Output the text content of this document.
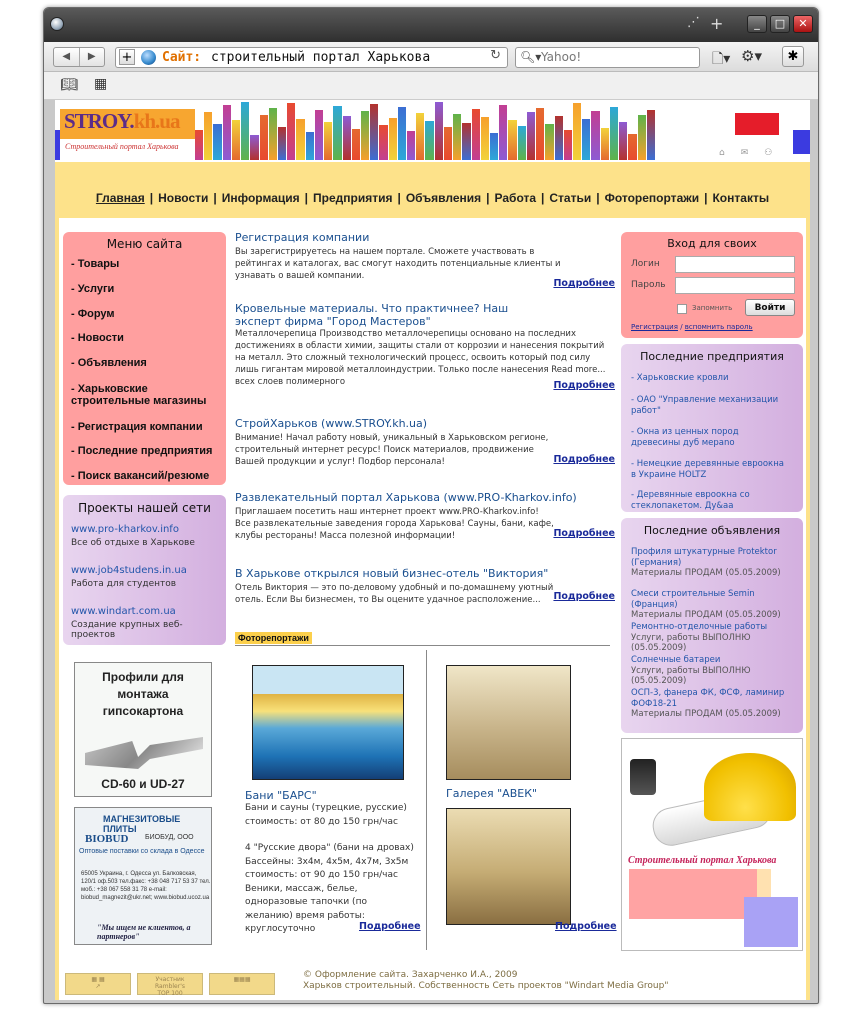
⋰ +	_	□	✕
◀	▶	+ Сайт: строительный портал Харькова	↻ 🔍︎▾ Yahoo!	🗋▾ ⚙▾	✱
📖︎ ▦
STROY.kh.ua
Строительный портал Харькова
⌂ ✉ ⚇
Главная | Новости | Информация | Предприятия | Объявления | Работа | Статьи | Фоторепортажи | Контакты
Меню сайта
- Товары
- Услуги
- Форум
- Новости
- Объявления
- Харьковские строительные магазины
- Регистрация компании
- Последние предприятия
- Поиск вакансий/резюме
Проекты нашей сети
www.pro-kharkov.info
Все об отдыхе в Харькове
www.job4studens.in.ua
Работа для студентов
www.windart.com.ua
Создание крупных веб-проектов
Профили для
монтажа
гипсокартона
CD-60 и UD-27
МАГНЕЗИТОВЫЕ ПЛИТЫ
BIOBUD БИОБУД, ООО
Оптовые поставки со склада в Одессе
65005 Украина, г. Одесса ул. Балковская, 120/1 оф.503 тел.факс: +38 048 717 53 37 тел. моб.: +38 067 558 31 78 e-mail: biobud_magnezit@ukr.net; www.biobud.ucoz.ua
"Мы ищем не клиентов, а партнеров"
Регистрация компании
Вы зарегистрируетесь на нашем портале. Сможете участвовать в рейтингах и каталогах, вас смогут находить потенциальные клиенты и узнавать о вашей компании.
Подробнее
Кровельные материалы. Что практичнее? Наш эксперт фирма "Город Мастеров"
Металлочерепица Производство металлочерепицы основано на последних достижениях в области химии, защиты стали от коррозии и нанесения покрытий на металл. Это сложный технологический процесс, освоить который под силу лишь гигантам мировой металлоиндустрии. Только после нанесения Read more... всех слоев полимерного	Подробнее
СтройХарьков (www.STROY.kh.ua)
Внимание! Начал работу новый, уникальный в Харьковском регионе, строительный интернет ресурс! Поиск материалов, продвижение Вашей продукции и услуг! Подбор персонала!	Подробнее
Развлекательный портал Харькова (www.PRO-Kharkov.info)
Приглашаем посетить наш интернет проект www.PRO-Kharkov.info! Все развлекательные заведения города Харькова! Сауны, бани, кафе, клубы рестораны! Масса полезной информации!	Подробнее
В Харькове открылся новый бизнес-отель "Виктория"
Отель Виктория — это по-деловому удобный и по-домашнему уютный отель. Если Вы бизнесмен, то Вы оцените удачное расположение...	Подробнее
Фоторепортажи
Бани "БАРС"
Бани и сауны (турецкие, русские) стоимость: от 80 до 150 грн/час
4 "Русские двора" (бани на дровах) Бассейны: 3х4м, 4х5м, 4х7м, 3х5м стоимость: от 90 до 150 грн/час Веники, массаж, белье, одноразовые тапочки (по желанию) время работы: круглосуточно	Подробнее
Галерея "АВЕК"
Подробнее
Вход для своих
Логин
Пароль
Запомнить	Войти
Регистрация / вспомнить пароль
Последние предприятия
- Харьковские кровли
- ОАО "Управление механизации работ"
- Окна из ценных пород древесины дуб мераnо
- Немецкие деревянные евроокна в Украине HOLTZ
- Деревянные евроокна со стеклопакетом. Ду&аа
Последние объявления
Профиля штукатурные Protektor (Германия)
Материалы ПРОДАМ (05.05.2009)
Смеси строительные Semin (Франция)
Материалы ПРОДАМ (05.05.2009)
Ремонтно-отделочные работы
Услуги, работы ВЫПОЛНЮ (05.05.2009)
Солнечные батареи
Услуги, работы ВЫПОЛНЮ (05.05.2009)
ОСП-3, фанера ФК, ФСФ, ламинир ФОФ18-21
Материалы ПРОДАМ (05.05.2009)
Строительный портал Харькова
▦ ▦
↗
Участник
Rambler's
TOP 100
▦▦▦	© Оформление сайта. Захарченко И.А., 2009
Харьков строительный. Собственность Сеть проектов "Windart Media Group"
